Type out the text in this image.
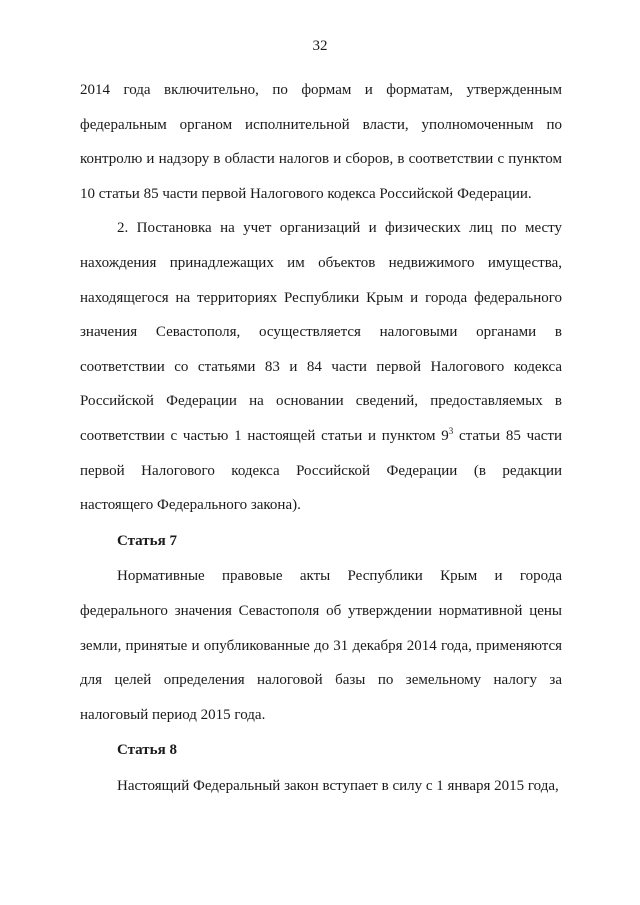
32

2014 года включительно, по формам и форматам, утвержденным федеральным органом исполнительной власти, уполномоченным по контролю и надзору в области налогов и сборов, в соответствии с пунктом 10 статьи 85 части первой Налогового кодекса Российской Федерации.

2. Постановка на учет организаций и физических лиц по месту нахождения принадлежащих им объектов недвижимого имущества, находящегося на территориях Республики Крым и города федерального значения Севастополя, осуществляется налоговыми органами в соответствии со статьями 83 и 84 части первой Налогового кодекса Российской Федерации на основании сведений, предоставляемых в соответствии с частью 1 настоящей статьи и пунктом $9^3$ статьи 85 части первой Налогового кодекса Российской Федерации (в редакции настоящего Федерального закона).

Статья 7

Нормативные правовые акты Республики Крым и города федерального значения Севастополя об утверждении нормативной цены земли, принятые и опубликованные до 31 декабря 2014 года, применяются для целей определения налоговой базы по земельному налогу за налоговый период 2015 года.

Статья 8

Настоящий Федеральный закон вступает в силу с 1 января 2015 года,
